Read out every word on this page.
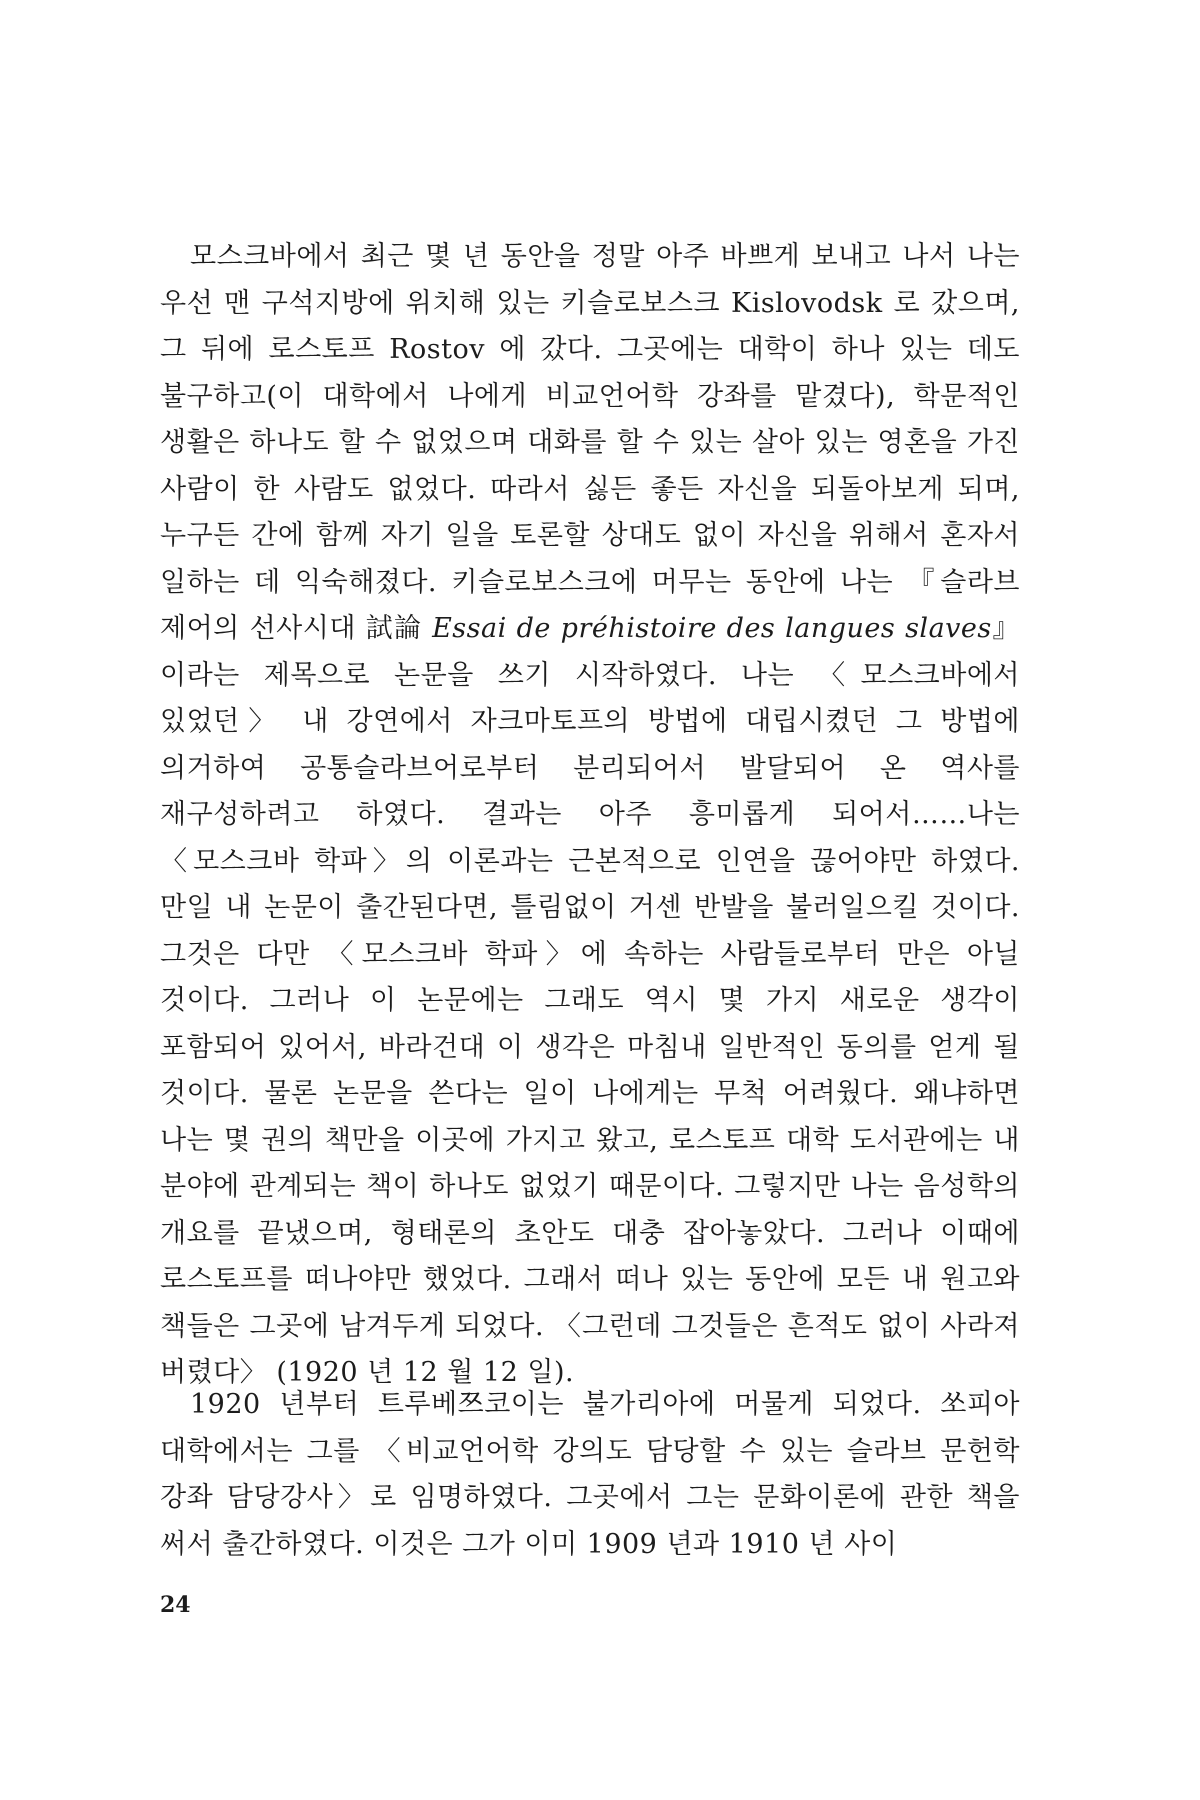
모스크바에서 최근 몇 년 동안을 정말 아주 바쁘게 보내고 나서 나는 우선 맨 구석지방에 위치해 있는 키슬로보스크 Kislovodsk 로 갔으며, 그 뒤에 로스토프 Rostov 에 갔다. 그곳에는 대학이 하나 있는 데도 불구하고(이 대학에서 나에게 비교언어학 강좌를 맡겼다), 학문적인 생활은 하나도 할 수 없었으며 대화를 할 수 있는 살아 있는 영혼을 가진 사람이 한 사람도 없었다. 따라서 싫든 좋든 자신을 되돌아보게 되며, 누구든 간에 함께 자기 일을 토론할 상대도 없이 자신을 위해서 혼자서 일하는 데 익숙해졌다. 키슬로보스크에 머무는 동안에 나는 『슬라브 제어의 선사시대 試論 Essai de préhistoire des langues slaves』이라는 제목으로 논문을 쓰기 시작하였다. 나는 〈모스크바에서 있었던〉 내 강연에서 자크마토프의 방법에 대립시켰던 그 방법에 의거하여 공통슬라브어로부터 분리되어서 발달되어 온 역사를 재구성하려고 하였다. 결과는 아주 흥미롭게 되어서……나는 〈모스크바 학파〉의 이론과는 근본적으로 인연을 끊어야만 하였다. 만일 내 논문이 출간된다면, 틀림없이 거센 반발을 불러일으킬 것이다. 그것은 다만 〈모스크바 학파〉에 속하는 사람들로부터 만은 아닐 것이다. 그러나 이 논문에는 그래도 역시 몇 가지 새로운 생각이 포함되어 있어서, 바라건대 이 생각은 마침내 일반적인 동의를 얻게 될 것이다. 물론 논문을 쓴다는 일이 나에게는 무척 어려웠다. 왜냐하면 나는 몇 권의 책만을 이곳에 가지고 왔고, 로스토프 대학 도서관에는 내 분야에 관계되는 책이 하나도 없었기 때문이다. 그렇지만 나는 음성학의 개요를 끝냈으며, 형태론의 초안도 대충 잡아놓았다. 그러나 이때에 로스토프를 떠나야만 했었다. 그래서 떠나 있는 동안에 모든 내 원고와 책들은 그곳에 남겨두게 되었다. 〈그런데 그것들은 흔적도 없이 사라져 버렸다〉 (1920 년 12 월 12 일).

1920 년부터 트루베쯔코이는 불가리아에 머물게 되었다. 쏘피아 대학에서는 그를 〈비교언어학 강의도 담당할 수 있는 슬라브 문헌학 강좌 담당강사〉로 임명하였다. 그곳에서 그는 문화이론에 관한 책을 써서 출간하였다. 이것은 그가 이미 1909 년과 1910 년 사이

24
